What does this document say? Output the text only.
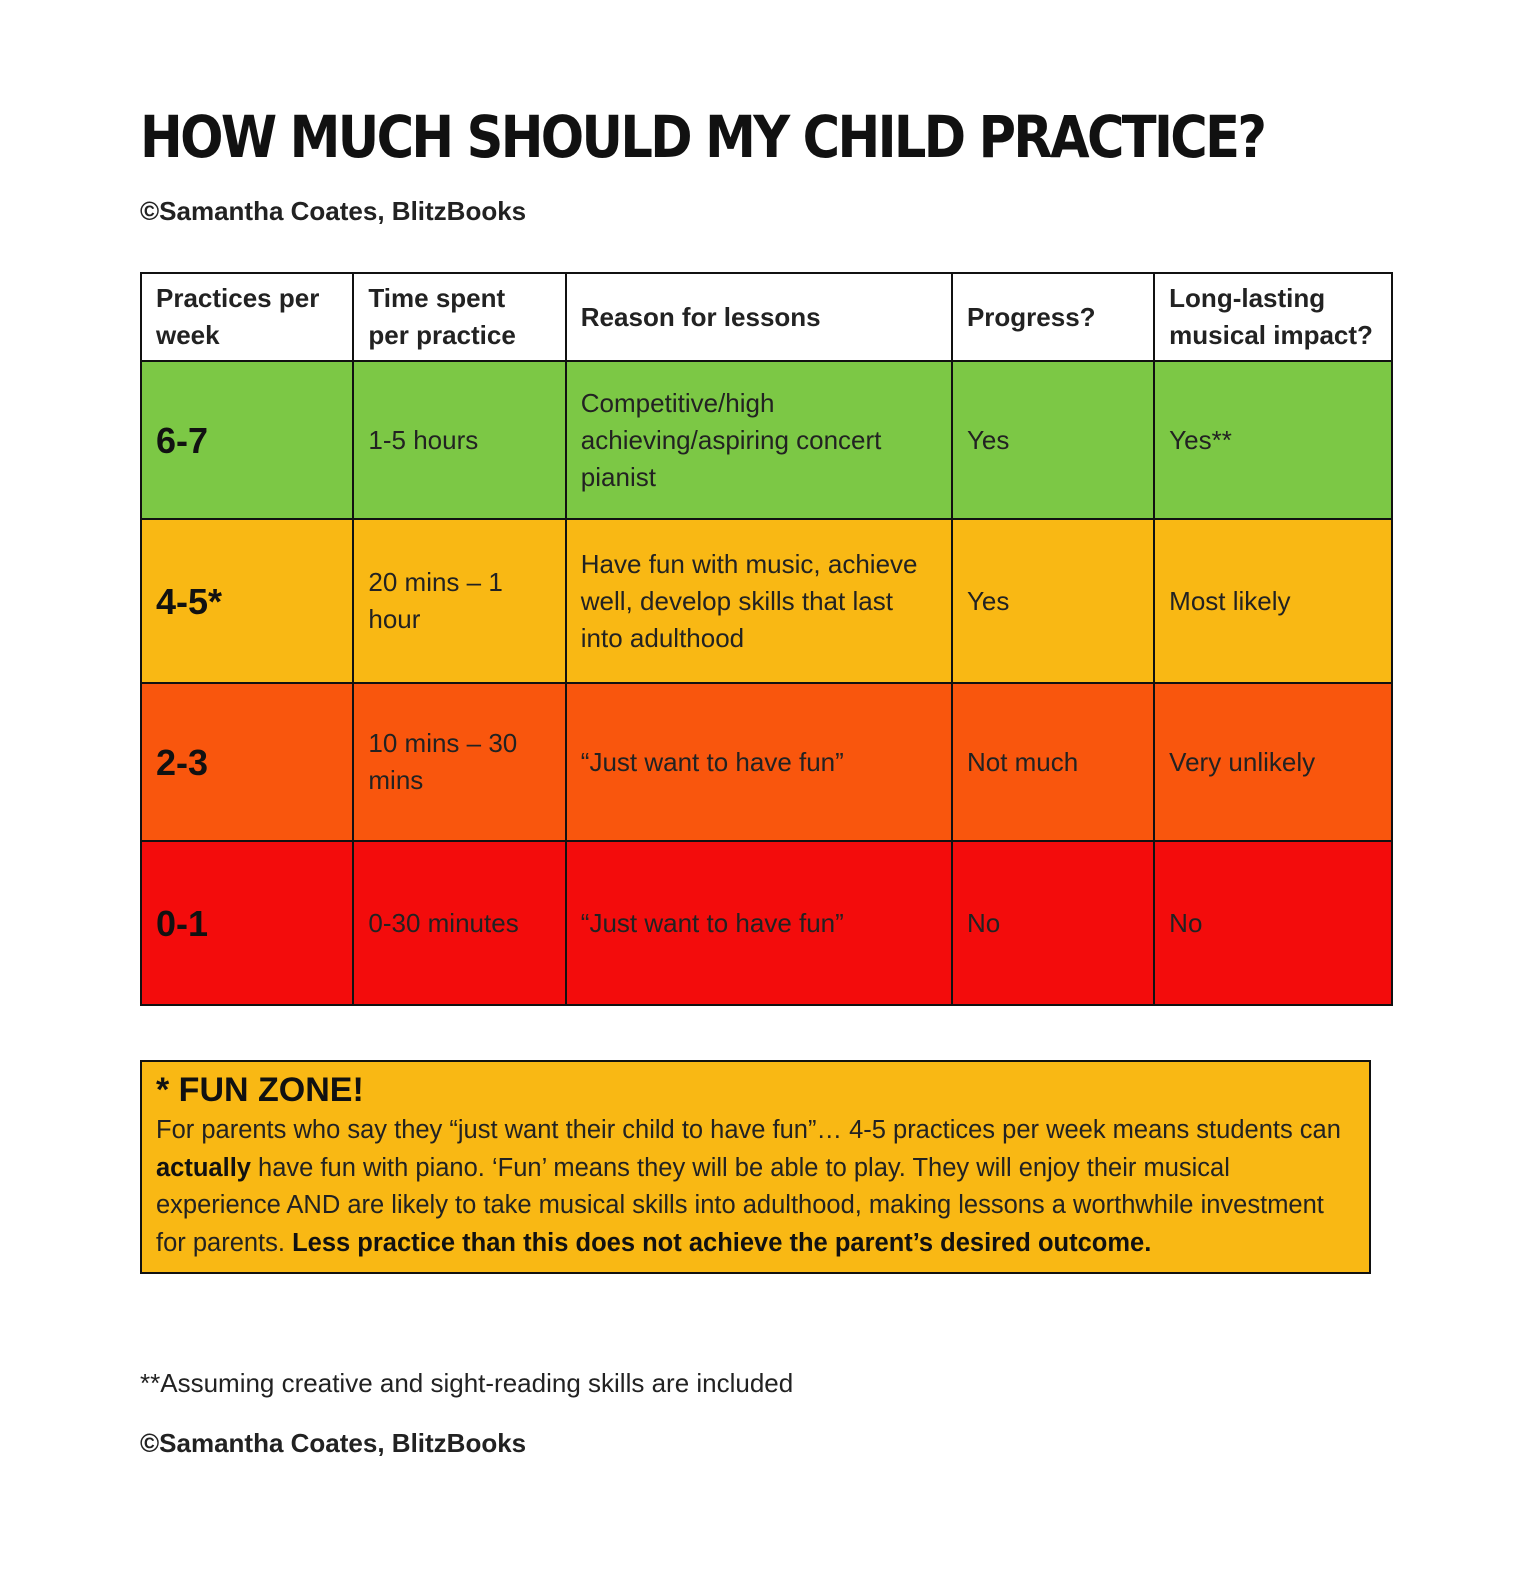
HOW MUCH SHOULD MY CHILD PRACTICE?
©Samantha Coates, BlitzBooks
Practices per week	Time spent per practice	Reason for lessons	Progress?	Long-lasting musical impact?
6-7	1-5 hours	Competitive/high achieving/aspiring concert pianist	Yes	Yes**
4-5*	20 mins – 1 hour	Have fun with music, achieve well, develop skills that last into adulthood	Yes	Most likely
2-3	10 mins – 30 mins	“Just want to have fun”	Not much	Very unlikely
0-1	0-30 minutes	“Just want to have fun”	No	No
* FUN ZONE!
For parents who say they “just want their child to have fun”… 4-5 practices per week means students can actually have fun with piano. ‘Fun’ means they will be able to play. They will enjoy their musical experience AND are likely to take musical skills into adulthood, making lessons a worthwhile investment for parents. Less practice than this does not achieve the parent’s desired outcome.
**Assuming creative and sight-reading skills are included
©Samantha Coates, BlitzBooks
